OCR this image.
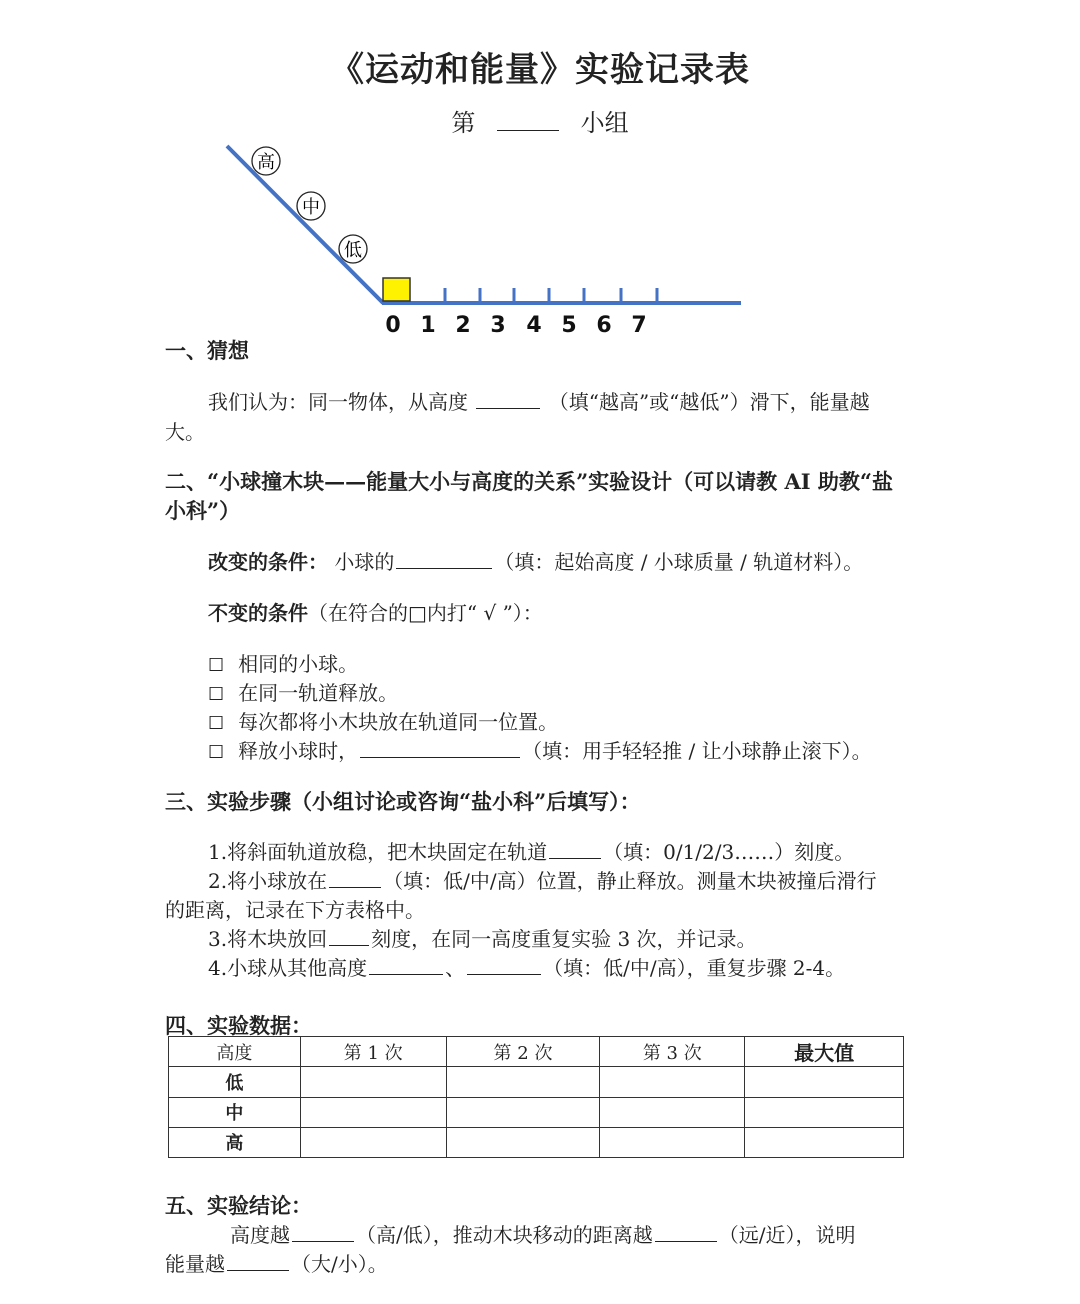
《运动和能量》实验记录表
第	小组
高
中
低
0 1 2 3 4 5 6 7
一、猜想
我们认为：同一物体，从高度	（填“越高”或“越低”）滑下，能量越
大。
二、“小球撞木块——能量大小与高度的关系”实验设计（可以请教 AI 助教“盐
小科”）
改变的条件： 小球的	（填：起始高度 / 小球质量 / 轨道材料）。
不变的条件（在符合的□内打“ √ ”）：
☐ 相同的小球。
☐ 在同一轨道释放。
☐ 每次都将小木块放在轨道同一位置。
☐ 释放小球时，	（填：用手轻轻推 / 让小球静止滚下）。
三、实验步骤（小组讨论或咨询“盐小科”后填写）：
1.将斜面轨道放稳，把木块固定在轨道	（填：0/1/2/3……）刻度。
2.将小球放在	（填：低/中/高）位置，静止释放。测量木块被撞后滑行
的距离，记录在下方表格中。
3.将木块放回 刻度，在同一高度重复实验 3 次，并记录。
4.小球从其他高度	、	（填：低/中/高），重复步骤 2-4。
四、实验数据：
高度	第 1 次	第 2 次	第 3 次	最大值
低				
中				
高				
五、实验结论：
高度越	（高/低），推动木块移动的距离越	（远/近），说明
能量越	（大/小）。
